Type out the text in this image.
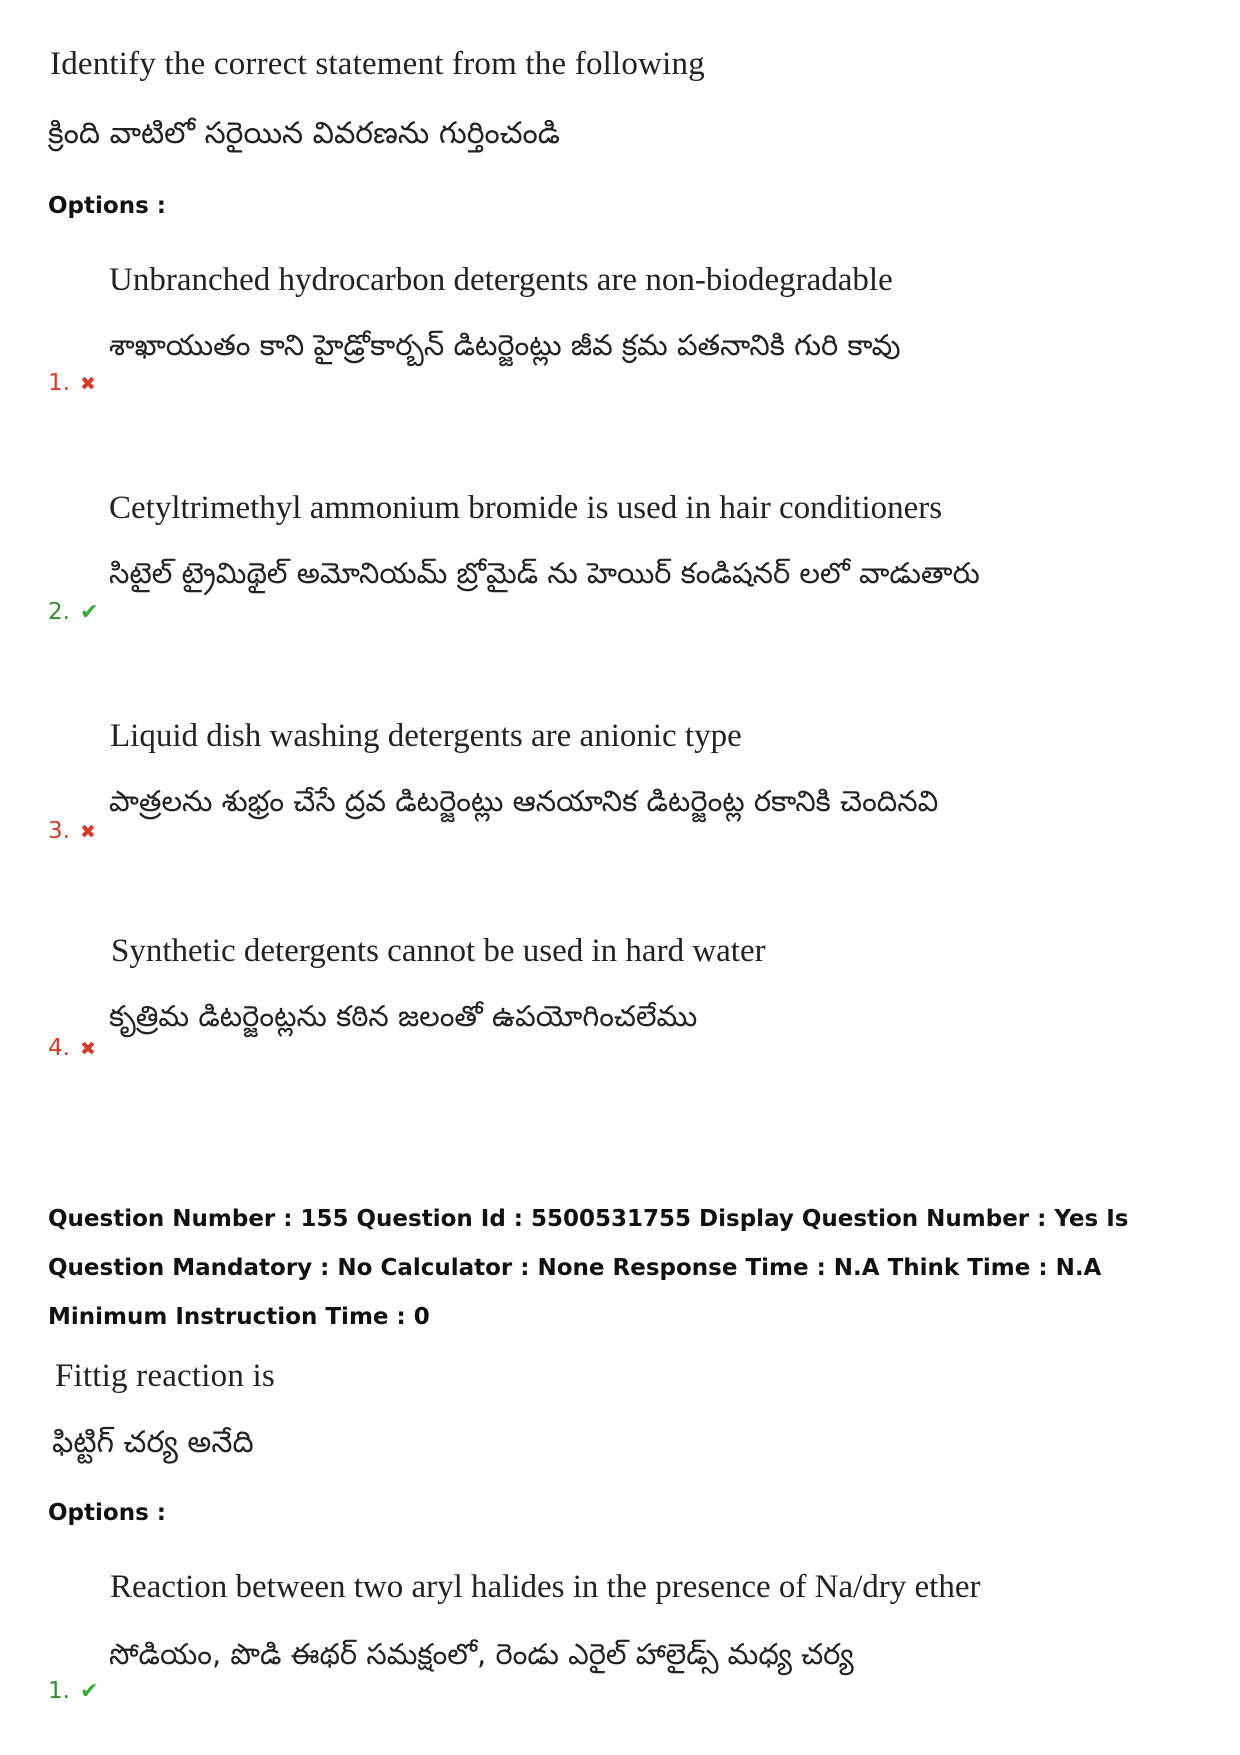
Identify the correct statement from the following
క్రింది వాటిలో సరైయిన వివరణను గుర్తించండి
Options :
Unbranched hydrocarbon detergents are non-biodegradable
శాఖాయుతం కాని హైడ్రోకార్బన్ డిటర్జెంట్లు జీవ క్రమ పతనానికి గురి కావు
1. ✖
Cetyltrimethyl ammonium bromide is used in hair conditioners
సిటైల్ ట్రైమిథైల్ అమోనియమ్ బ్రోమైడ్ ను హెయిర్ కండిషనర్ లలో వాడుతారు
2. ✔
Liquid dish washing detergents are anionic type
పాత్రలను శుభ్రం చేసే ద్రవ డిటర్జెంట్లు ఆనయానిక డిటర్జెంట్ల రకానికి చెందినవి
3. ✖
Synthetic detergents cannot be used in hard water
కృత్రిమ డిటర్జెంట్లను కఠిన జలంతో ఉపయోగించలేము
4. ✖
Question Number : 155 Question Id : 5500531755 Display Question Number : Yes Is Question Mandatory : No Calculator : None Response Time : N.A Think Time : N.A Minimum Instruction Time : 0
Fittig reaction is
ఫిట్టిగ్ చర్య అనేది
Options :
Reaction between two aryl halides in the presence of Na/dry ether
సోడియం, పొడి ఈథర్ సమక్షంలో, రెండు ఎరైల్ హాలైడ్స్ మధ్య చర్య
1. ✔
